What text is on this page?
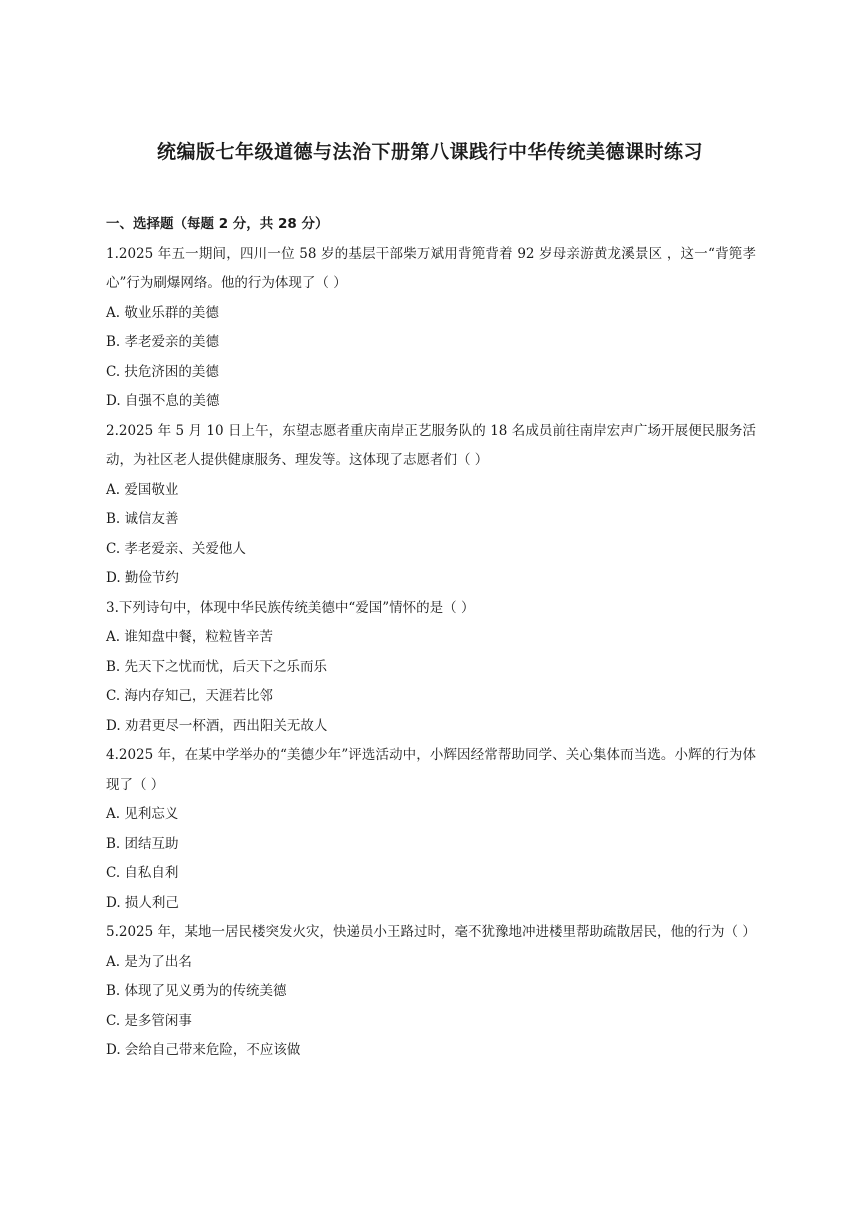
统编版七年级道德与法治下册第八课践行中华传统美德课时练习
一、选择题（每题 2 分，共 28 分）
1.2025 年五一期间，四川一位 58 岁的基层干部柴万斌用背篼背着 92 岁母亲游黄龙溪景区 ，这一“背篼孝心”行为刷爆网络。他的行为体现了（ ）
A. 敬业乐群的美德
B. 孝老爱亲的美德
C. 扶危济困的美德
D. 自强不息的美德
2.2025 年 5 月 10 日上午，东望志愿者重庆南岸正艺服务队的 18 名成员前往南岸宏声广场开展便民服务活动，为社区老人提供健康服务、理发等。这体现了志愿者们（ ）
A. 爱国敬业
B. 诚信友善
C. 孝老爱亲、关爱他人
D. 勤俭节约
3.下列诗句中，体现中华民族传统美德中“爱国”情怀的是（ ）
A. 谁知盘中餐，粒粒皆辛苦
B. 先天下之忧而忧，后天下之乐而乐
C. 海内存知己，天涯若比邻
D. 劝君更尽一杯酒，西出阳关无故人
4.2025 年，在某中学举办的“美德少年”评选活动中，小辉因经常帮助同学、关心集体而当选。小辉的行为体现了（ ）
A. 见利忘义
B. 团结互助
C. 自私自利
D. 损人利己
5.2025 年，某地一居民楼突发火灾，快递员小王路过时，毫不犹豫地冲进楼里帮助疏散居民，他的行为（ ）
A. 是为了出名
B. 体现了见义勇为的传统美德
C. 是多管闲事
D. 会给自己带来危险，不应该做
